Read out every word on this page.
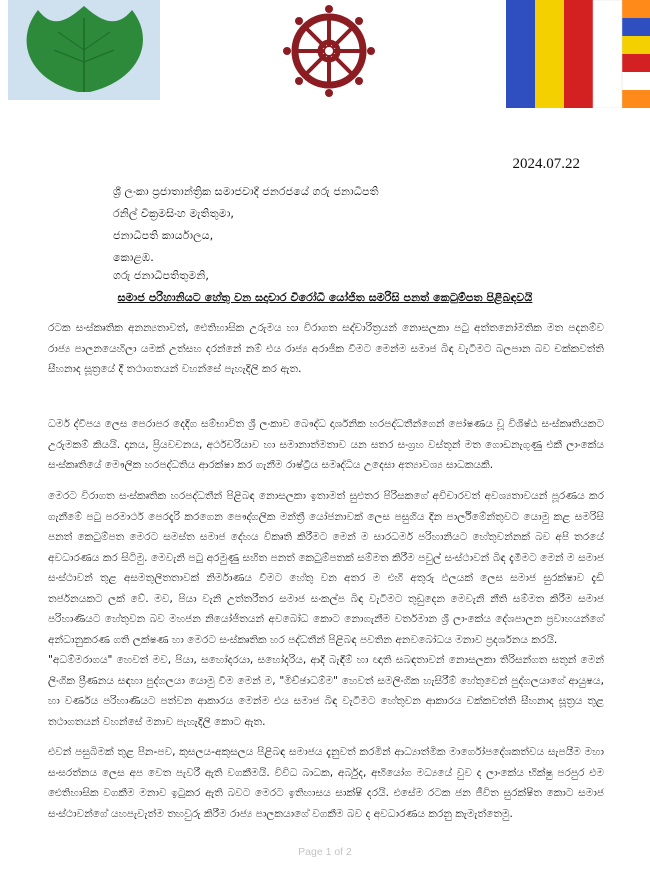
2024.07.22
ශ්‍රී ලංකා ප්‍රජාතාන්ත්‍රික සමාජවාදී ජනරජයේ ගරු ජනාධිපති
රනිල් වික්‍රමසිංහ මැතිතුමා,
ජනාධිපති කාර්යාලය,
කොළඹ.
ගරු ජනාධිපතිතුමනි,
සමාජ පරිහානියට හේතු වන සදාචාර විරෝධී යෝජිත සමරිසි පනත් කෙටුම්පත පිළිබඳවයි

රටක සංස්කෘතික අනන්‍යතාවත්, ඓතිහාසික උරුමය හා විරාගත සද්චාරිත්‍රයන් නොසලකා පටු අත්තනෝමතික මත පදනම්ව රාජ්‍ය පාලනයෙහිලා යමක් උත්සහ දරන්නේ නම් එය රාජ්‍ය අරාජික වීමට මෙන්ම සමාජ බිඳ වැටීමට බලපාන බව චක්කවත්ති සීහනාද සූත්‍රයේ දී තථාගතයන් වහන්සේ පැහැදිලි කර ඇත.

ධර්ම ද්වීපය ලෙස පෙරාපර දෙදිග සම්භාවිත ශ්‍රී ලංකාව බෞද්ධ දාර්ශනික හරපද්ධතීන්ගෙන් පෝෂණය වූ විශිෂ්ඨ සංස්කෘතියකට උරුමකම් කියයි. දානය, ප්‍රියවචනය, අර්ථචරියාව හා සමානාත්මතාව යන සතර සංග්‍රහ වස්තූන් මත ගොඩනැගුණු එකී ලාංකේය සංස්කෘතියේ මෞලික හරපද්ධතිය ආරක්ෂා කර ගැනීම රාෂ්ට්‍රීය සමෘද්ධිය උදෙසා අත්‍යාවශ්‍ය සාධකයකි.

මෙරට විරාගත සංස්කෘතික හරපද්ධතීන් පිළිබඳ නොසලකා ඉතාමත් සුළුතර පිරිසකගේ අවිචාරවත් අවශ්‍යතාවයන් පූරණය කර ගැනීමේ පටු පරමාර්ථ පෙරදැරි කරගෙන පෞද්ගලික මන්ත්‍රී යෝජනාවක් ලෙස පසුගිය දින පාර්ලිමේන්තුවට යොමු කළ සමරිසි පනත් කෙටුම්පත මෙරට සමස්ත සමාජ දේහය විකෘති කිරීමට මෙන් ම සාරධර්ම පරිහානියට හේතුවන්නක් බව අපි තරයේ අවධාරණය කර සිටිමු. මෙවැනි පටු අරමුණු සහිත පනත් කෙටුම්පතක් සම්මත කිරීම පවුල් සංස්ථාවන් බිඳ දැමීමට මෙන් ම සමාජ සංස්ථාවන් තුළ අසමතුලිතතාවක් නිර්මාණය වීමට හේතු වන අතර ම එහි අතුරු ඵලයක් ලෙස සමාජ සුරක්ෂාව දැඩි තර්ජනයකට ලක් වේ. මව, පියා වැනි උත්තරීතර සමාජ සංකල්ප බිඳ වැටීමට තුඩුදෙන මෙවැනි නීති සම්මත කිරීම සමාජ පරිහාණියට හේතුවන බව මහජන නියෝජිතයන් අවබෝධ කොට නොගැනීම වර්තමාන ශ්‍රී ලාංකේය දේශපාලන ප්‍රවාහයන්ගේ අන්ධානුකරණ ගති ලක්ෂණ හා මෙරට සංස්කෘතික හර පද්ධතීන් පිළිබඳ පවතින අනවබෝධය මනාව ප්‍රදර්ශනය කරයි.

"අධම්මරාගය" හෙවත් මව, පියා, සහෝදරයා, සහෝදරිය, ආදී බැඳීම් හා ඥාති සබඳතාවන් නොසලකා තිරිසන්ගත සතුන් මෙන් ලිංගික ප්‍රීණනය සඳහා පුද්ගලයා යොමු වීම මෙන් ම, "මිච්ඡාධම්ම" හෙවත් සමලිංගික හැසිරීම් හේතුවෙන් පුද්ගලයාගේ ආයුෂය, හා වර්ණය පරිහාණියට පත්වන ආකාරය මෙන්ම එය සමාජ බිඳ වැටීමට හේතුවන ආකාරය චක්කවත්ති සීහනාද සූත්‍රය තුළ තථාගතයන් වහන්සේ මනාව පැහැදිලි කොට ඇත.

එවන් පසුබිමක් තුළ පින-පව, කුසලය-අකුසලය පිළිබඳ සමාජය දැනුවත් කරමින් ආධ්‍යාත්මික මාර්ගෝපදේශකත්වය සැපයීම මහා සංඝරත්නය ලෙස අප වෙත පැවරී ඇති වගකීමයි. විවිධ බාධක, අර්බුද, අභියෝග මධ්‍යයේ වුව ද ලාංකේය භික්ෂු පරපුර එම ඓතිහාසික වගකීම මනාව ඉටුකර ඇති බවට මෙරට ඉතිහාසය සාක්ෂි දරයි. එසේම රටක ජන ජීවිත සුරක්ෂිත කොට සමාජ සංස්ථාවන්ගේ යහපැවැත්ම තහවුරු කිරීම රාජ්‍ය පාලකයාගේ වගකීම බව ද අවධාරණය කරනු කැමැත්තෙමු.

Page 1 of 2
